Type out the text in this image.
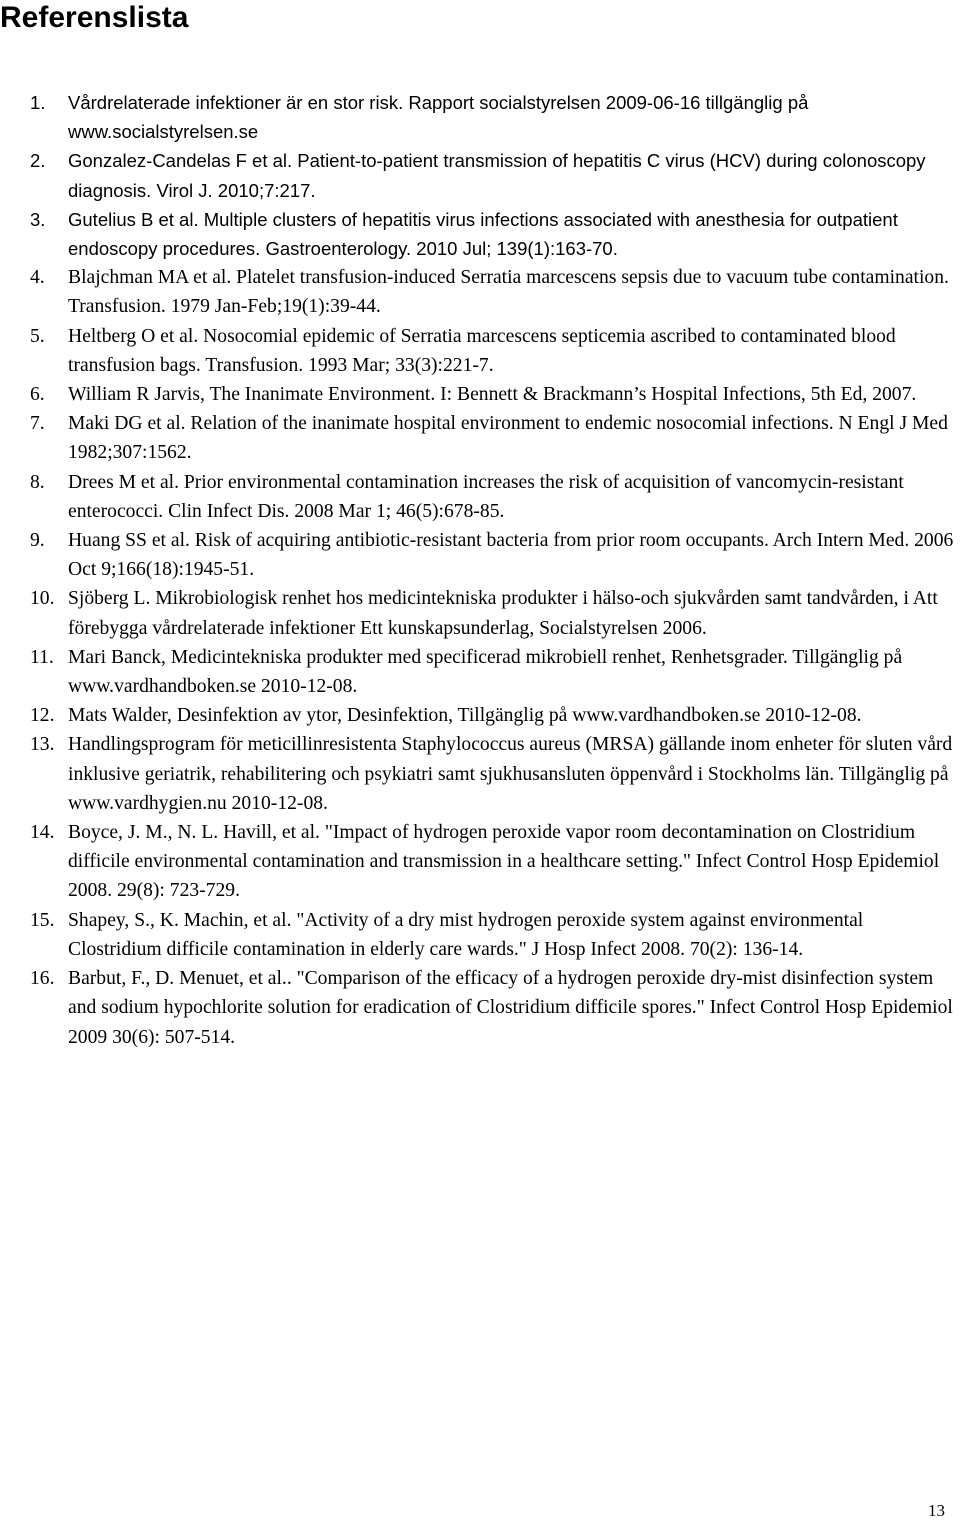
Referenslista
1.	Vårdrelaterade infektioner är en stor risk. Rapport socialstyrelsen 2009-06-16 tillgänglig på www.socialstyrelsen.se
2.	Gonzalez-Candelas F et al. Patient-to-patient transmission of hepatitis C virus (HCV) during colonoscopy diagnosis. Virol J. 2010;7:217.
3.	Gutelius B et al. Multiple clusters of hepatitis virus infections associated with anesthesia for outpatient endoscopy procedures. Gastroenterology. 2010 Jul; 139(1):163-70.
4.	Blajchman MA et al. Platelet transfusion-induced Serratia marcescens sepsis due to vacuum tube contamination. Transfusion. 1979 Jan-Feb;19(1):39-44.
5.	Heltberg O et al. Nosocomial epidemic of Serratia marcescens septicemia ascribed to contaminated blood transfusion bags. Transfusion. 1993 Mar; 33(3):221-7.
6.	William R Jarvis, The Inanimate Environment. I: Bennett & Brackmann’s Hospital Infections, 5th Ed, 2007.
7.	Maki DG et al. Relation of the inanimate hospital environment to endemic nosocomial infections. N Engl J Med 1982;307:1562.
8.	Drees M et al. Prior environmental contamination increases the risk of acquisition of vancomycin-resistant enterococci. Clin Infect Dis. 2008 Mar 1; 46(5):678-85.
9.	Huang SS et al. Risk of acquiring antibiotic-resistant bacteria from prior room occupants. Arch Intern Med. 2006 Oct 9;166(18):1945-51.
10. Sjöberg L. Mikrobiologisk renhet hos medicintekniska produkter i hälso-och sjukvården samt tandvården, i Att förebygga vårdrelaterade infektioner Ett kunskapsunderlag, Socialstyrelsen 2006.
11. Mari Banck, Medicintekniska produkter med specificerad mikrobiell renhet, Renhetsgrader. Tillgänglig på www.vardhandboken.se 2010-12-08.
12. Mats Walder, Desinfektion av ytor, Desinfektion, Tillgänglig på www.vardhandboken.se 2010-12-08.
13. Handlingsprogram för meticillinresistenta Staphylococcus aureus (MRSA) gällande inom enheter för sluten vård inklusive geriatrik, rehabilitering och psykiatri samt sjukhusansluten öppenvård i Stockholms län. Tillgänglig på www.vardhygien.nu 2010-12-08.
14. Boyce, J. M., N. L. Havill, et al. "Impact of hydrogen peroxide vapor room decontamination on Clostridium difficile environmental contamination and transmission in a healthcare setting." Infect Control Hosp Epidemiol 2008. 29(8): 723-729.
15. Shapey, S., K. Machin, et al. "Activity of a dry mist hydrogen peroxide system against environmental Clostridium difficile contamination in elderly care wards." J Hosp Infect 2008. 70(2): 136-14.
16. Barbut, F., D. Menuet, et al.. "Comparison of the efficacy of a hydrogen peroxide dry-mist disinfection system and sodium hypochlorite solution for eradication of Clostridium difficile spores." Infect Control Hosp Epidemiol 2009 30(6): 507-514.
13
